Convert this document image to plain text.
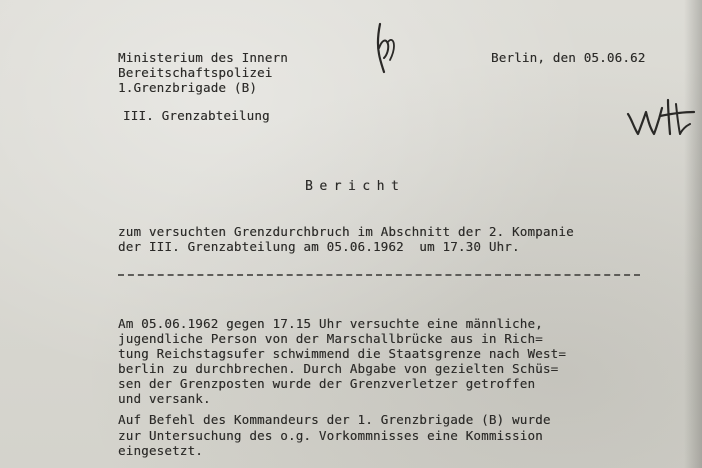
Ministerium des Innern
Bereitschaftspolizei
1.Grenzbrigade (B)
Berlin, den 05.06.62
III. Grenzabteilung
Bericht
zum versuchten Grenzdurchbruch im Abschnitt der 2. Kompanie
der III. Grenzabteilung am 05.06.1962  um 17.30 Uhr.
Am 05.06.1962 gegen 17.15 Uhr versuchte eine männliche,
jugendliche Person von der Marschallbrücke aus in Rich=
tung Reichstagsufer schwimmend die Staatsgrenze nach West=
berlin zu durchbrechen. Durch Abgabe von gezielten Schüs=
sen der Grenzposten wurde der Grenzverletzer getroffen
und versank.
Auf Befehl des Kommandeurs der 1. Grenzbrigade (B) wurde
zur Untersuchung des o.g. Vorkommnisses eine Kommission
eingesetzt.
